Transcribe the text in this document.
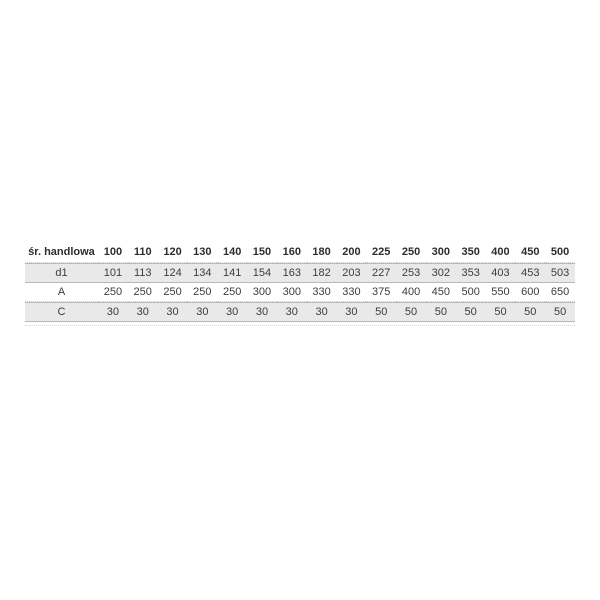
śr. handlowa	100	110	120	130	140	150	160	180	200	225	250	300	350	400	450	500
d1	101	113	124	134	141	154	163	182	203	227	253	302	353	403	453	503
A	250	250	250	250	250	300	300	330	330	375	400	450	500	550	600	650
C	30	30	30	30	30	30	30	30	30	50	50	50	50	50	50	50
